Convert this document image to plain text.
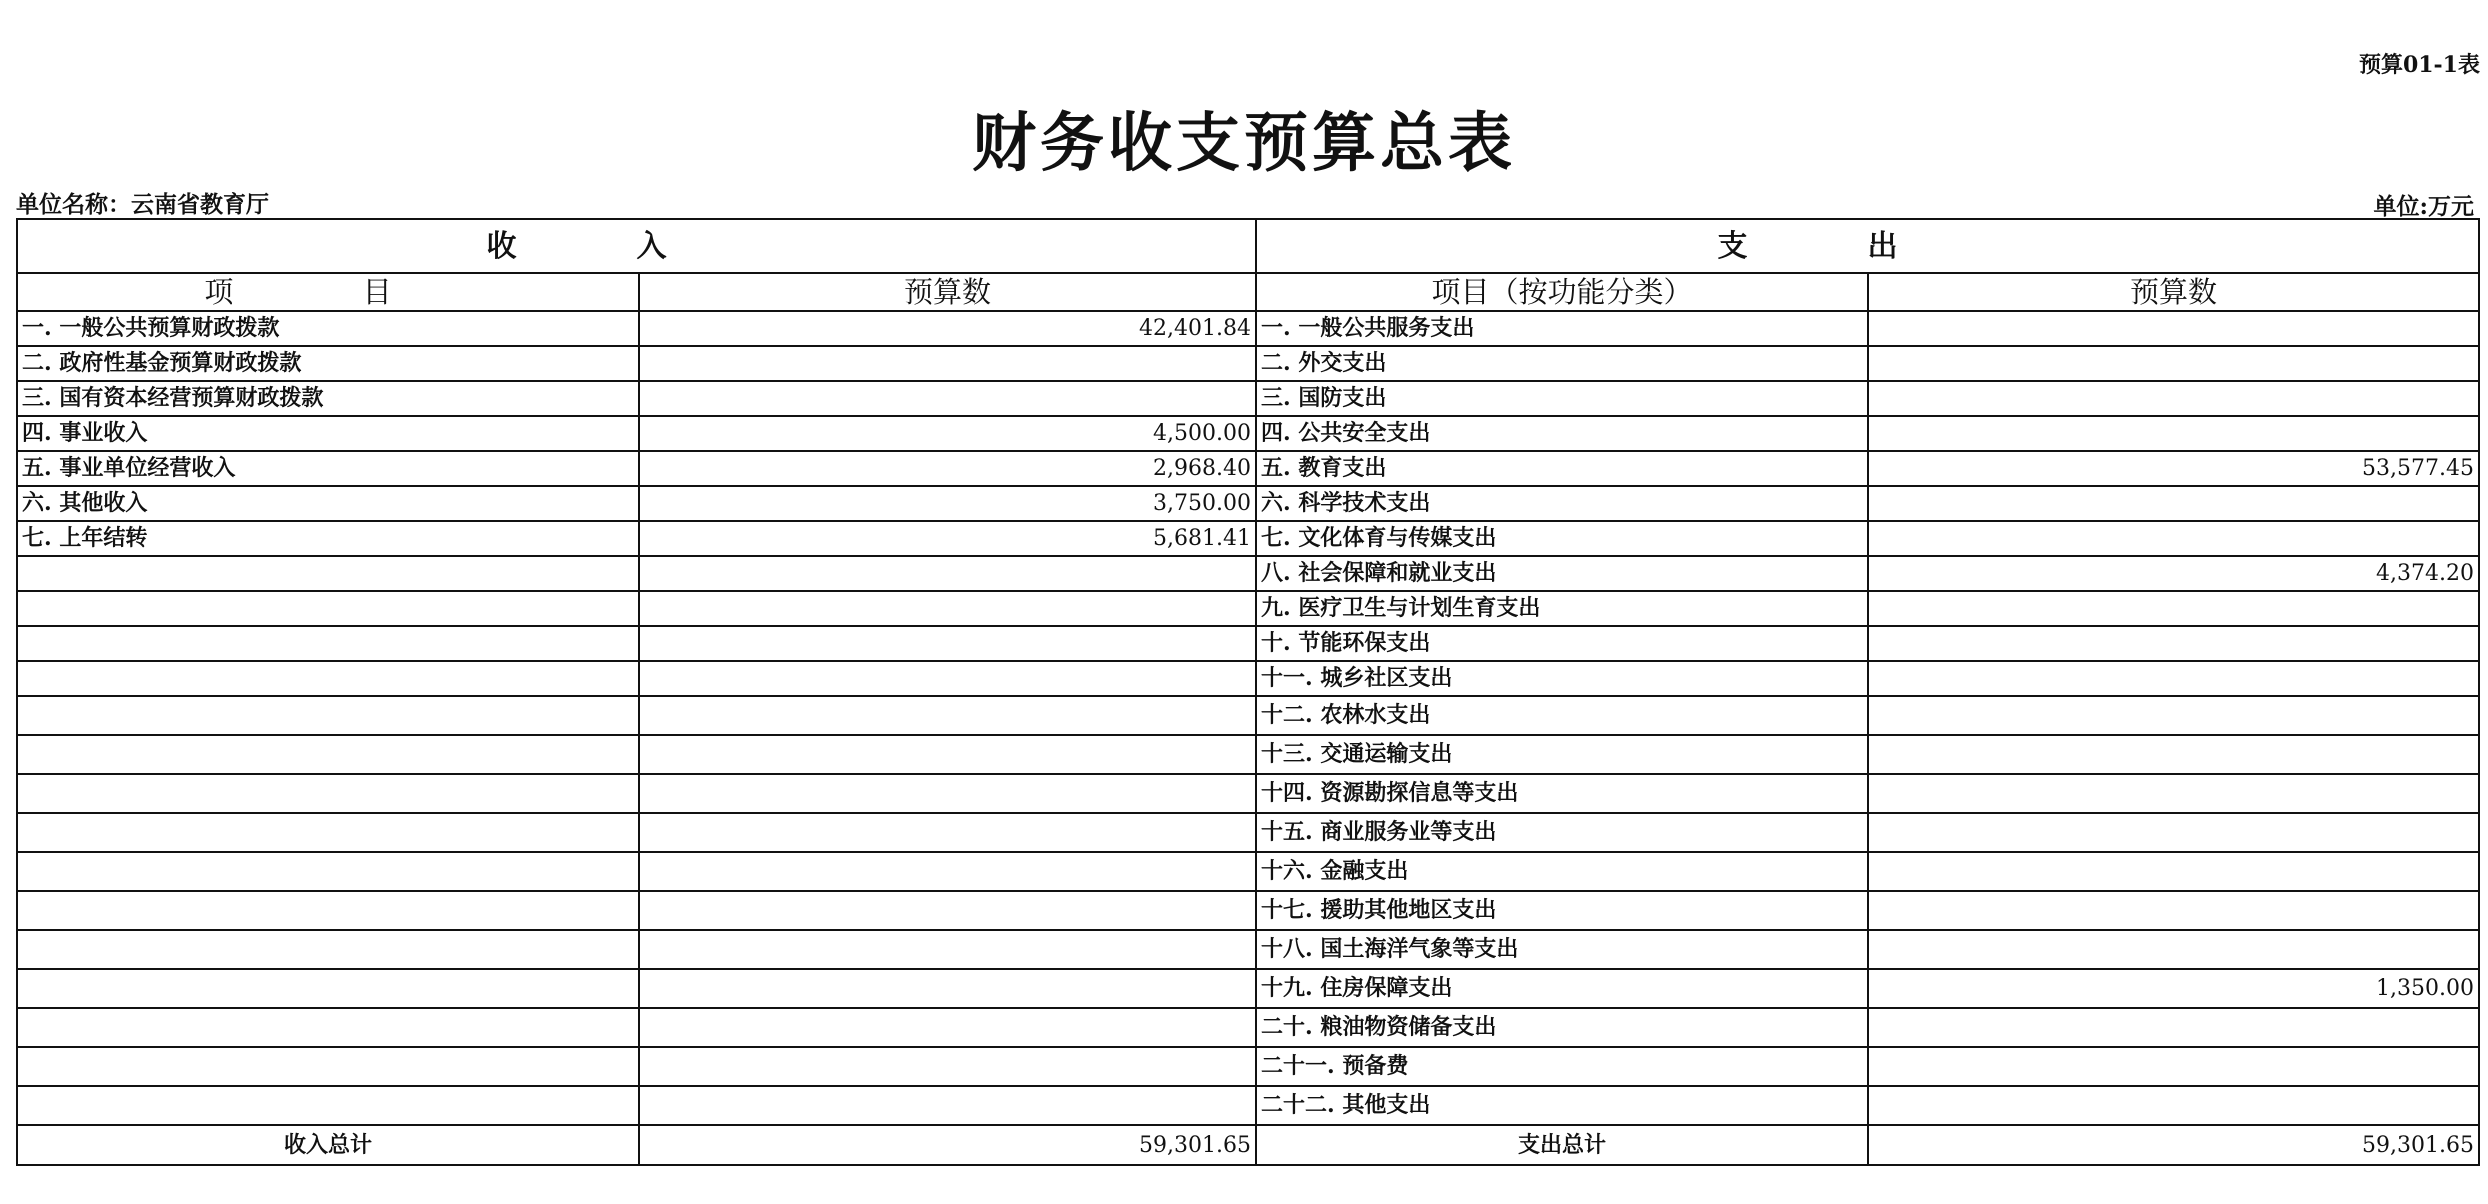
预算01-1表
财务收支预算总表
单位名称：云南省教育厅	单位:万元
收入		支出	
项 目	预算数	项目（按功能分类）	预算数
一. 一般公共预算财政拨款	42,401.84	一. 一般公共服务支出	
二. 政府性基金预算财政拨款		二. 外交支出	
三. 国有资本经营预算财政拨款		三. 国防支出	
四. 事业收入	4,500.00	四. 公共安全支出	
五. 事业单位经营收入	2,968.40	五. 教育支出	53,577.45
六. 其他收入	3,750.00	六. 科学技术支出	
七. 上年结转	5,681.41	七. 文化体育与传媒支出	
		八. 社会保障和就业支出	4,374.20
		九. 医疗卫生与计划生育支出	
		十. 节能环保支出	
		十一. 城乡社区支出	
		十二. 农林水支出	
		十三. 交通运输支出	
		十四. 资源勘探信息等支出	
		十五. 商业服务业等支出	
		十六. 金融支出	
		十七. 援助其他地区支出	
		十八. 国土海洋气象等支出	
		十九. 住房保障支出	1,350.00
		二十. 粮油物资储备支出	
		二十一. 预备费	
		二十二. 其他支出	
收入总计	59,301.65	支出总计	59,301.65
